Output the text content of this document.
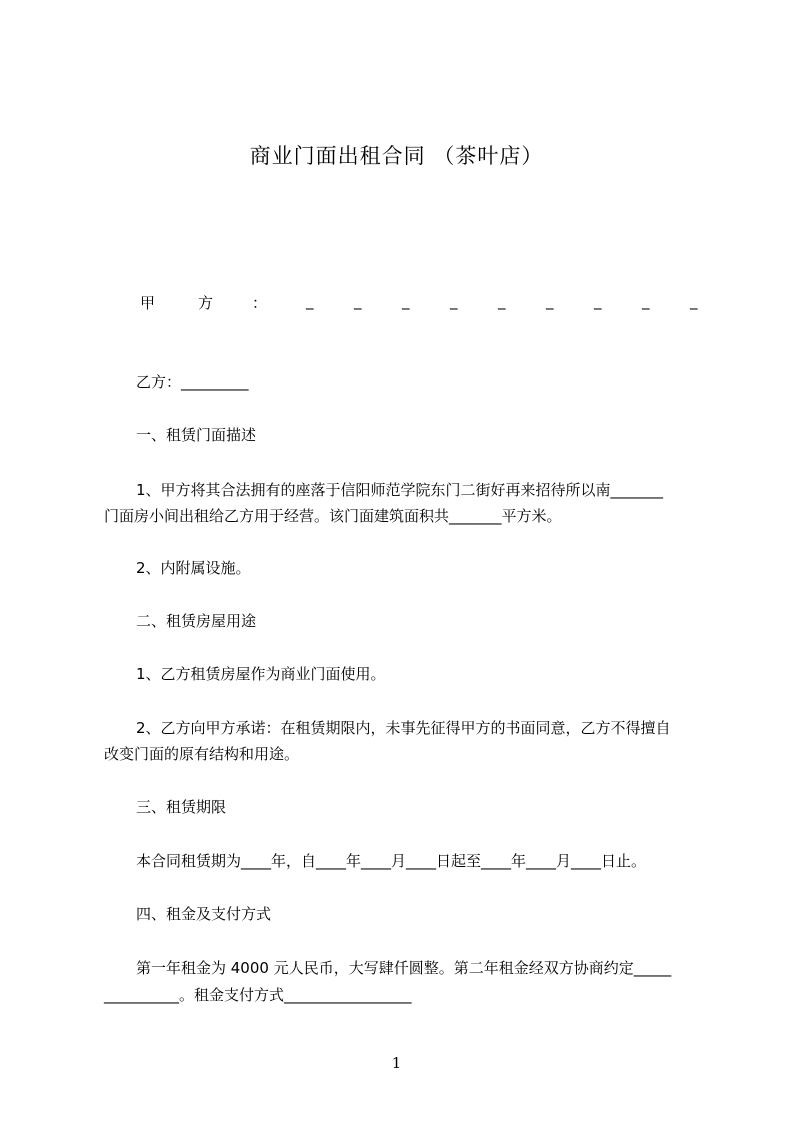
商业门面出租合同 （茶叶店）
甲	方	：	_	_	_	_	_	_	_	_	_
乙方：_________
一、租赁门面描述
1、甲方将其合法拥有的座落于信阳师范学院东门二街好再来招待所以南_______
门面房小间出租给乙方用于经营。该门面建筑面积共_______平方米。
2、内附属设施。
二、租赁房屋用途
1、乙方租赁房屋作为商业门面使用。
2、乙方向甲方承诺：在租赁期限内，未事先征得甲方的书面同意，乙方不得擅自
改变门面的原有结构和用途。
三、租赁期限
本合同租赁期为____年，自____年____月____日起至____年____月____日止。
四、租金及支付方式
第一年租金为 4000 元人民币，大写肆仟圆整。第二年租金经双方协商约定_____
__________。租金支付方式_________________
1
